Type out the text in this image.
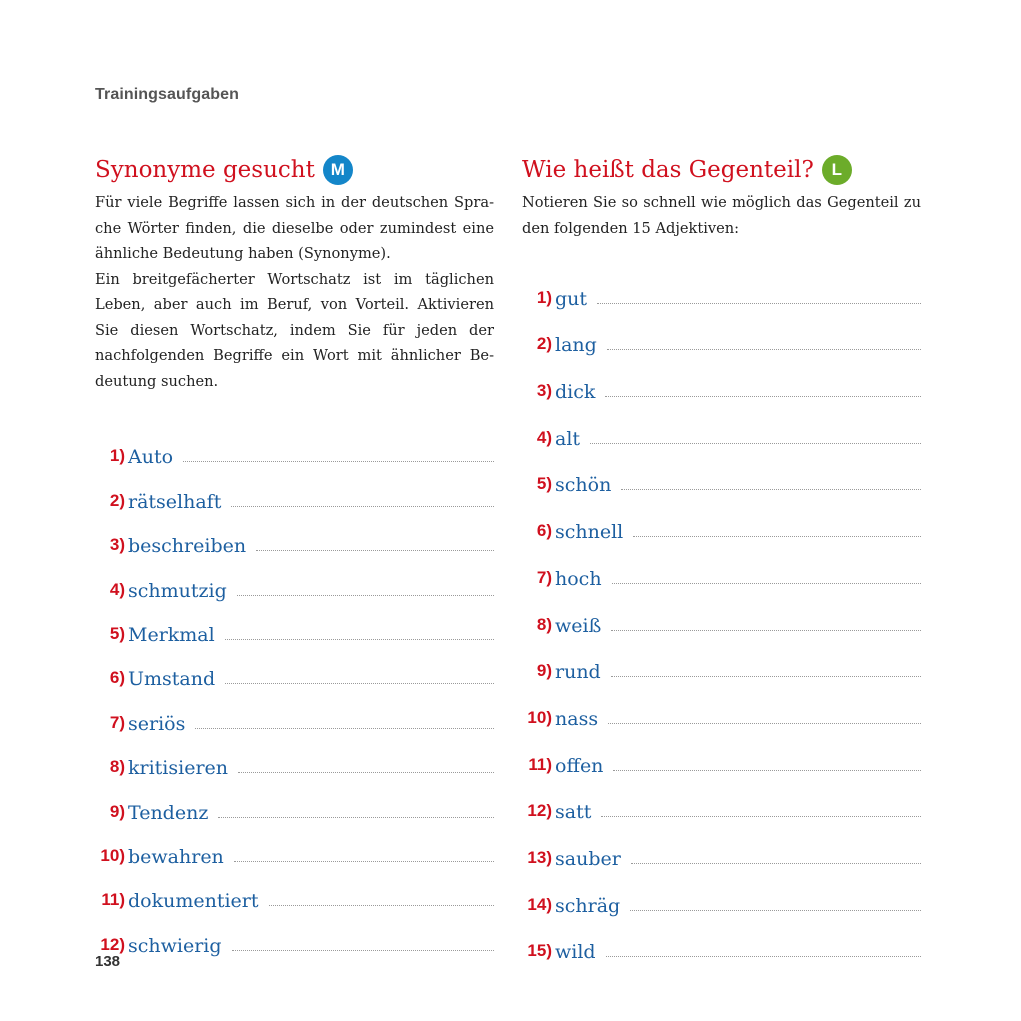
Trainingsaufgaben
Synonyme gesucht M

Für viele Begriffe lassen sich in der deutschen Sprache Wörter finden, die dieselbe oder zumindest eine ähnliche Bedeutung haben (Synonyme).

Ein breitgefächerter Wortschatz ist im täglichen Leben, aber auch im Beruf, von Vorteil. Aktivieren Sie diesen Wortschatz, indem Sie für jeden der nachfolgenden Begriffe ein Wort mit ähnlicher Bedeutung suchen.

1) Auto
2) rätselhaft
3) beschreiben
4) schmutzig
5) Merkmal
6) Umstand
7) seriös
8) kritisieren
9) Tendenz
10) bewahren
11) dokumentiert
12) schwierig
Wie heißt das Gegenteil?	L

Notieren Sie so schnell wie möglich das Gegenteil zu den folgenden 15 Adjektiven:

1) gut
2) lang
3) dick
4) alt
5) schön
6) schnell
7) hoch
8) weiß
9) rund
10) nass
11) offen
12) satt
13) sauber
14) schräg
15) wild
138
